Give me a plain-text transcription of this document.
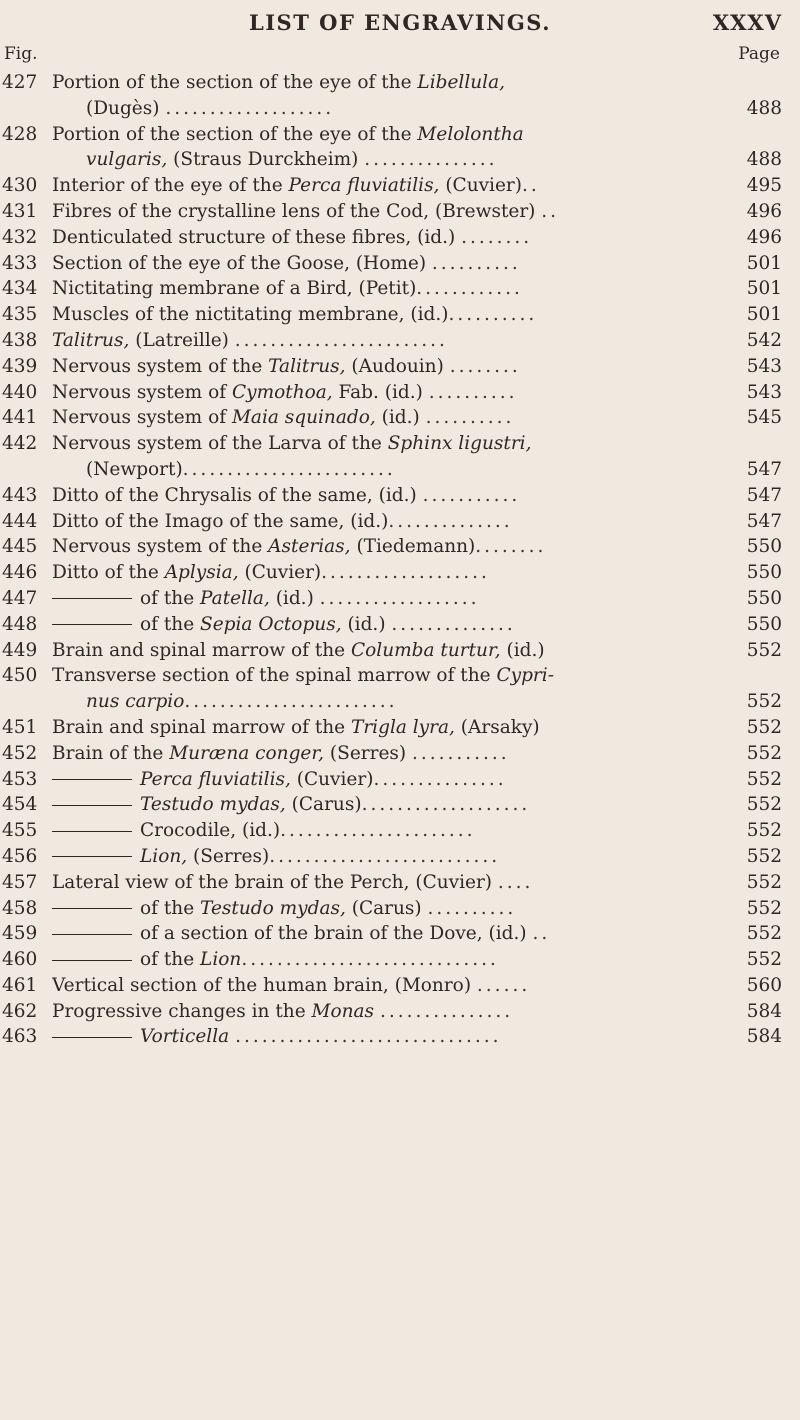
LIST OF ENGRAVINGS.	XXXV
Fig.	Page
427 Portion of the section of the eye of the Libellula,
(Dugès) ...................	488
428 Portion of the section of the eye of the Melolontha
vulgaris, (Straus Durckheim) ...............	488
430 Interior of the eye of the Perca fluviatilis, (Cuvier)..	495
431 Fibres of the crystalline lens of the Cod, (Brewster) ..	496
432 Denticulated structure of these fibres, (id.) ........	496
433 Section of the eye of the Goose, (Home) ..........	501
434 Nictitating membrane of a Bird, (Petit)............	501
435 Muscles of the nictitating membrane, (id.)..........	501
438 Talitrus, (Latreille) ........................	542
439 Nervous system of the Talitrus, (Audouin) ........	543
440 Nervous system of Cymothoa, Fab. (id.) ..........	543
441 Nervous system of Maia squinado, (id.) ..........	545
442 Nervous system of the Larva of the Sphinx ligustri,
(Newport)........................	547
443 Ditto of the Chrysalis of the same, (id.) ...........	547
444 Ditto of the Imago of the same, (id.)..............	547
445 Nervous system of the Asterias, (Tiedemann)........	550
446 Ditto of the Aplysia, (Cuvier)...................	550
447	of the Patella, (id.) ..................	550
448	of the Sepia Octopus, (id.) ..............	550
449 Brain and spinal marrow of the Columba turtur, (id.)	552
450 Transverse section of the spinal marrow of the Cypri-
nus carpio........................	552
451 Brain and spinal marrow of the Trigla lyra, (Arsaky)	552
452 Brain of the Muræna conger, (Serres) ...........	552
453	Perca fluviatilis, (Cuvier)...............	552
454	Testudo mydas, (Carus)...................	552
455	Crocodile, (id.)......................	552
456	Lion, (Serres)..........................	552
457 Lateral view of the brain of the Perch, (Cuvier) ....	552
458	of the Testudo mydas, (Carus) ..........	552
459	of a section of the brain of the Dove, (id.) ..	552
460	of the Lion.............................	552
461 Vertical section of the human brain, (Monro) ......	560
462 Progressive changes in the Monas ...............	584
463	Vorticella ..............................	584
